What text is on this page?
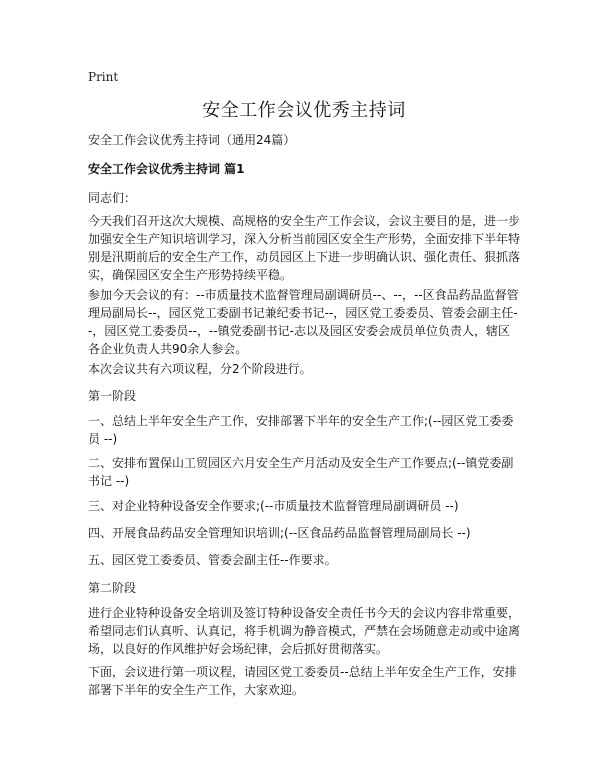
Print
安全工作会议优秀主持词

安全工作会议优秀主持词（通用24篇）

安全工作会议优秀主持词 篇1

同志们：

今天我们召开这次大规模、高规格的安全生产工作会议，会议主要目的是，进一步加强安全生产知识培训学习，深入分析当前园区安全生产形势，全面安排下半年特别是汛期前后的安全生产工作，动员园区上下进一步明确认识、强化责任、狠抓落实，确保园区安全生产形势持续平稳。

参加今天会议的有：--市质量技术监督管理局副调研员--、--，--区食品药品监督管理局副局长--，园区党工委副书记兼纪委书记--，园区党工委委员、管委会副主任--，园区党工委委员--，--镇党委副书记-志以及园区安委会成员单位负责人，辖区各企业负责人共90余人参会。

本次会议共有六项议程，分2个阶段进行。

第一阶段

一、总结上半年安全生产工作，安排部署下半年的安全生产工作;(--园区党工委委员 --)

二、安排布置保山工贸园区六月安全生产月活动及安全生产工作要点;(--镇党委副书记 --)

三、对企业特种设备安全作要求;(--市质量技术监督管理局副调研员 --)

四、开展食品药品安全管理知识培训;(--区食品药品监督管理局副局长 --)

五、园区党工委委员、管委会副主任--作要求。

第二阶段

进行企业特种设备安全培训及签订特种设备安全责任书今天的会议内容非常重要，希望同志们认真听、认真记，将手机调为静音模式，严禁在会场随意走动或中途离场，以良好的作风维护好会场纪律，会后抓好贯彻落实。

下面，会议进行第一项议程，请园区党工委委员--总结上半年安全生产工作，安排部署下半年的安全生产工作，大家欢迎。
